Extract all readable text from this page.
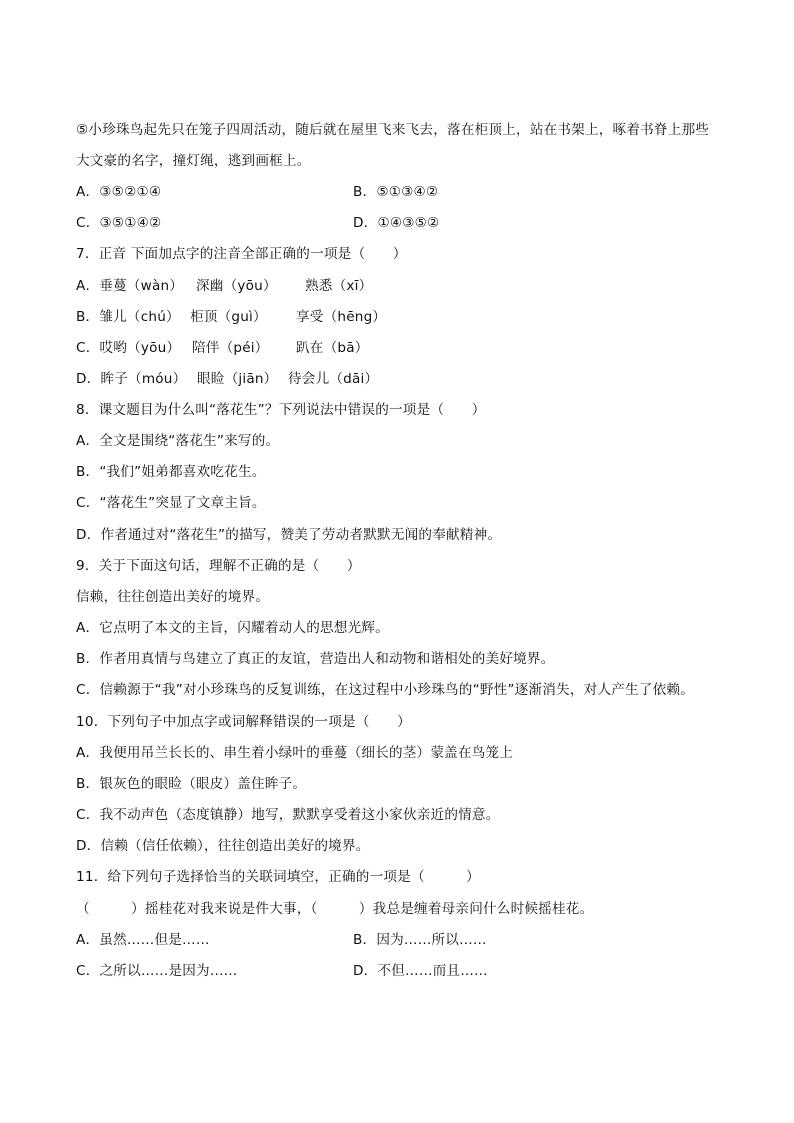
⑤小珍珠鸟起先只在笼子四周活动，随后就在屋里飞来飞去，落在柜顶上，站在书架上，啄着书脊上那些
大文豪的名字，撞灯绳，逃到画框上。
A．③⑤②①④	B．⑤①③④②
C．③⑤①④②	D．①④③⑤②
7．正音 下面加点字的注音全部正确的一项是（　　）
A．垂蔓（wàn） 深幽（yōu） 熟悉（xī）
B．雏儿（chú） 柜顶（guì） 享受（hēng）
C．哎哟（yōu） 陪伴（péi） 趴在（bā）
D．眸子（móu） 眼睑（jiān） 待会儿（dāi）
8．课文题目为什么叫“落花生”？下列说法中错误的一项是（　　）
A．全文是围绕“落花生”来写的。
B．“我们”姐弟都喜欢吃花生。
C．“落花生”突显了文章主旨。
D．作者通过对“落花生”的描写，赞美了劳动者默默无闻的奉献精神。
9．关于下面这句话，理解不正确的是（　　）
信赖，往往创造出美好的境界。
A．它点明了本文的主旨，闪耀着动人的思想光辉。
B．作者用真情与鸟建立了真正的友谊，营造出人和动物和谐相处的美好境界。
C．信赖源于“我”对小珍珠鸟的反复训练，在这过程中小珍珠鸟的“野性”逐渐消失，对人产生了依赖。
10．下列句子中加点字或词解释错误的一项是（　　）
A．我便用吊兰长长的、串生着小绿叶的垂蔓（细长的茎）蒙盖在鸟笼上
B．银灰色的眼睑（眼皮）盖住眸子。
C．我不动声色（态度镇静）地写，默默享受着这小家伙亲近的情意。
D．信赖（信任依赖），往往创造出美好的境界。
11．给下列句子选择恰当的关联词填空，正确的一项是（　　　）
（　　　）摇桂花对我来说是件大事，（　　　）我总是缠着母亲问什么时候摇桂花。
A．虽然……但是……	B．因为……所以……
C．之所以……是因为……	D．不但……而且……
